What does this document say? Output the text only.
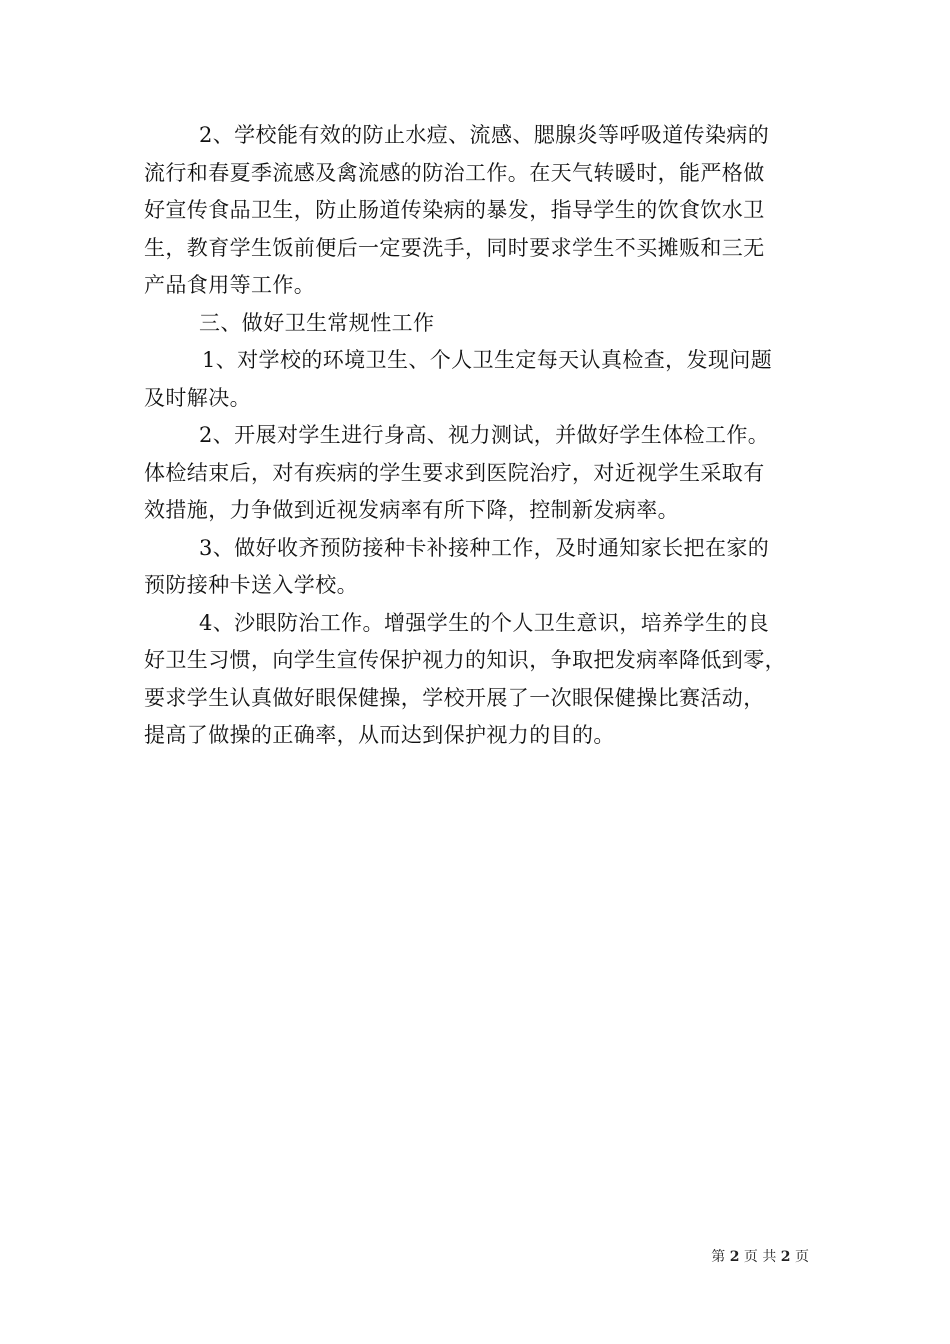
2、学校能有效的防止水痘、流感、腮腺炎等呼吸道传染病的
流行和春夏季流感及禽流感的防治工作。在天气转暖时，能严格做
好宣传食品卫生，防止肠道传染病的暴发，指导学生的饮食饮水卫
生，教育学生饭前便后一定要洗手，同时要求学生不买摊贩和三无
产品食用等工作。
三、做好卫生常规性工作
1、对学校的环境卫生、个人卫生定每天认真检查，发现问题
及时解决。
2、开展对学生进行身高、视力测试，并做好学生体检工作。
体检结束后，对有疾病的学生要求到医院治疗，对近视学生采取有
效措施，力争做到近视发病率有所下降，控制新发病率。
3、做好收齐预防接种卡补接种工作，及时通知家长把在家的
预防接种卡送入学校。
4、沙眼防治工作。增强学生的个人卫生意识，培养学生的良
好卫生习惯，向学生宣传保护视力的知识，争取把发病率降低到零，
要求学生认真做好眼保健操，学校开展了一次眼保健操比赛活动，
提高了做操的正确率，从而达到保护视力的目的。
第 2 页 共 2 页
